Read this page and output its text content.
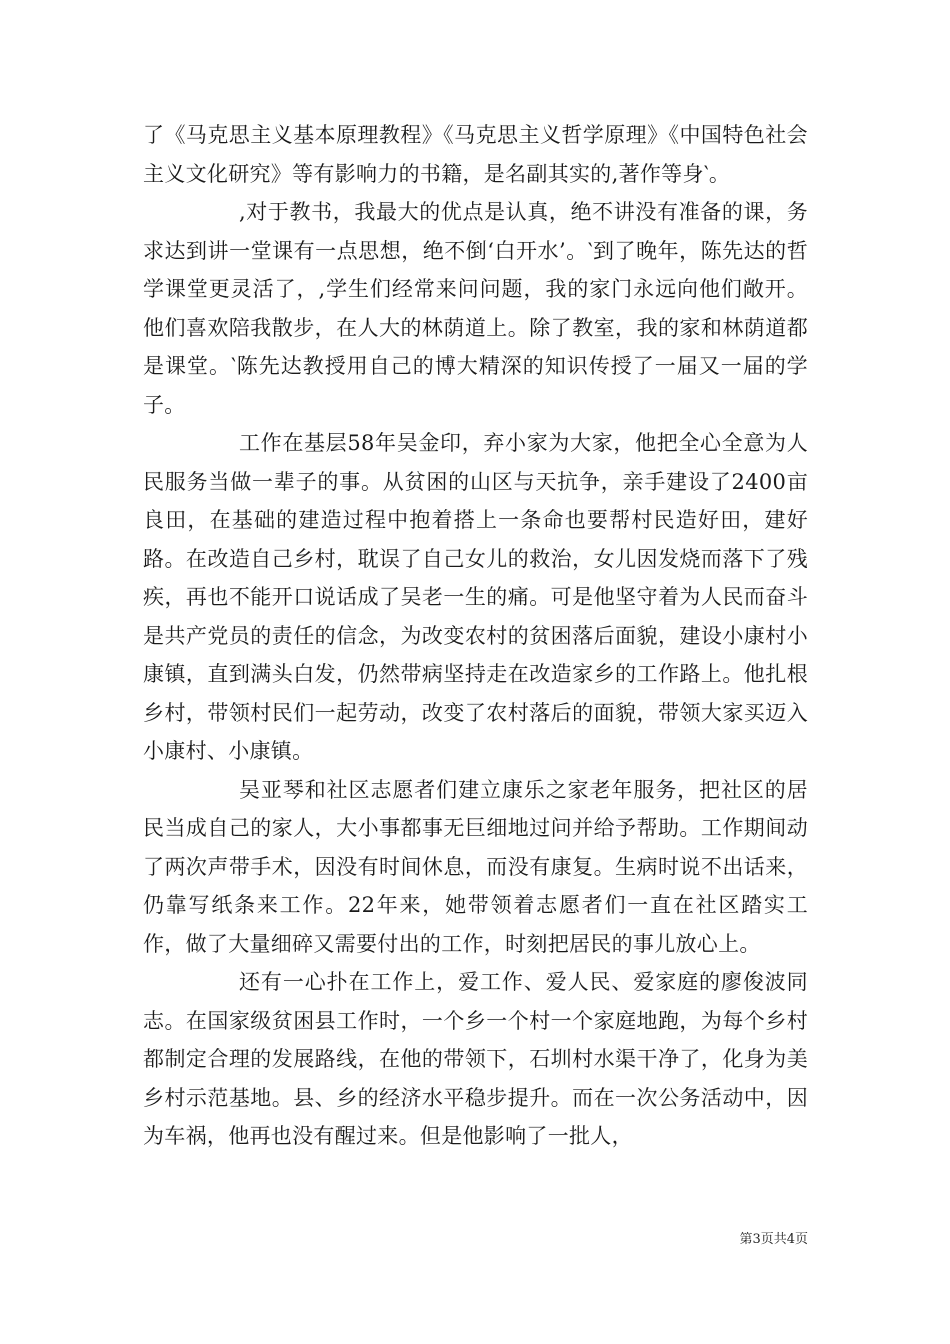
了《马克思主义基本原理教程》《马克思主义哲学原理》《中国特色社会主义文化研究》等有影响力的书籍，是名副其实的,著作等身‵。

,对于教书，我最大的优点是认真，绝不讲没有准备的课，务求达到讲一堂课有一点思想，绝不倒‘白开水’。‵到了晚年，陈先达的哲学课堂更灵活了，,学生们经常来问问题，我的家门永远向他们敞开。他们喜欢陪我散步，在人大的林荫道上。除了教室，我的家和林荫道都是课堂。‵陈先达教授用自己的博大精深的知识传授了一届又一届的学子。

工作在基层58年吴金印，弃小家为大家，他把全心全意为人民服务当做一辈子的事。从贫困的山区与天抗争，亲手建设了2400亩良田，在基础的建造过程中抱着搭上一条命也要帮村民造好田，建好路。在改造自己乡村，耽误了自己女儿的救治，女儿因发烧而落下了残疾，再也不能开口说话成了吴老一生的痛。可是他坚守着为人民而奋斗是共产党员的责任的信念，为改变农村的贫困落后面貌，建设小康村小康镇，直到满头白发，仍然带病坚持走在改造家乡的工作路上。他扎根乡村，带领村民们一起劳动，改变了农村落后的面貌，带领大家买迈入小康村、小康镇。

吴亚琴和社区志愿者们建立康乐之家老年服务，把社区的居民当成自己的家人，大小事都事无巨细地过问并给予帮助。工作期间动了两次声带手术，因没有时间休息，而没有康复。生病时说不出话来，仍靠写纸条来工作。22年来，她带领着志愿者们一直在社区踏实工作，做了大量细碎又需要付出的工作，时刻把居民的事儿放心上。

还有一心扑在工作上，爱工作、爱人民、爱家庭的廖俊波同志。在国家级贫困县工作时，一个乡一个村一个家庭地跑，为每个乡村都制定合理的发展路线，在他的带领下，石圳村水渠干净了，化身为美乡村示范基地。县、乡的经济水平稳步提升。而在一次公务活动中，因为车祸，他再也没有醒过来。但是他影响了一批人，

第3页共4页
